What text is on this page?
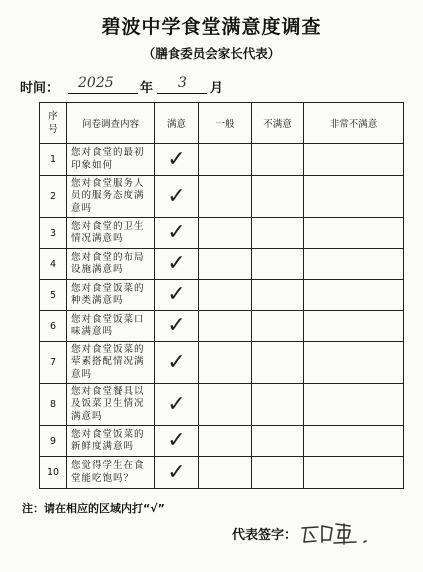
碧波中学食堂满意度调查
（膳食委员会家长代表）
时间： 2025 年 3 月
序号	问卷调查内容	满意	一般	不满意	非常不满意
1	您对食堂的最初印象如何	✓			
2	您对食堂服务人员的服务态度满意吗	✓			
3	您对食堂的卫生情况满意吗	✓			
4	您对食堂的布局设施满意吗	✓			
5	您对食堂饭菜的种类满意吗	✓			
6	您对食堂饭菜口味满意吗	✓			
7	您对食堂饭菜的荤素搭配情况满意吗	✓			
8	您对食堂餐具以及饭菜卫生情况满意吗	✓			
9	您对食堂饭菜的新鲜度满意吗	✓			
10	您觉得学生在食堂能吃饱吗？	✓			
注：请在相应的区域内打“√”
代表签字：
